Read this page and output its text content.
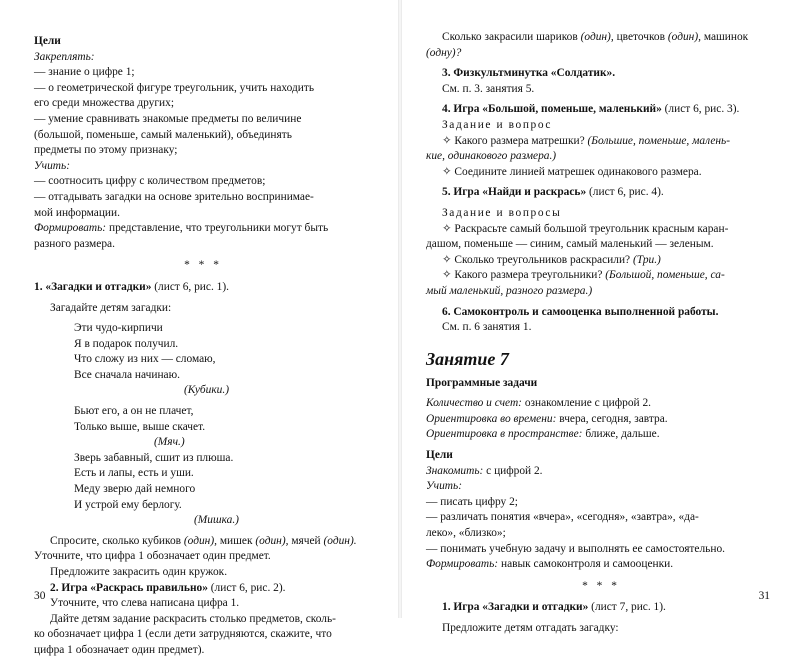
Цели

Закреплять:

— знание о цифре 1;

— о геометрической фигуре треугольник, учить находить

его среди множества других;

— умение сравнивать знакомые предметы по величине

(большой, поменьше, самый маленький), объединять

предметы по этому признаку;

Учить:

— соотносить цифру с количеством предметов;

— отгадывать загадки на основе зрительно воспринимае-

мой информации.

Формировать: представление, что треугольники могут быть

разного размера.

* * *

1. «Загадки и отгадки» (лист 6, рис. 1).

Загадайте детям загадки:

Эти чудо-кирпичи

Я в подарок получил.

Что сложу из них — сломаю,

Все сначала начинаю.

(Кубики.)

Бьют его, а он не плачет,

Только выше, выше скачет.

(Мяч.)

Зверь забавный, сшит из плюша.

Есть и лапы, есть и уши.

Меду зверю дай немного

И устрой ему берлогу.

(Мишка.)

Спросите, сколько кубиков (один), мишек (один), мячей (один). Уточните, что цифра 1 обозначает один предмет.

Предложите закрасить один кружок.

2. Игра «Раскрась правильно» (лист 6, рис. 2).

Уточните, что слева написана цифра 1.

Дайте детям задание раскрасить столько предметов, сколь-

ко обозначает цифра 1 (если дети затрудняются, скажите, что

цифра 1 обозначает один предмет).

30

Сколько закрасили шариков (один), цветочков (один), машинок (одну)?

3. Физкультминутка «Солдатик».

См. п. 3. занятия 5.

4. Игра «Большой, поменьше, маленький» (лист 6, рис. 3).

Задание и вопрос

✧ Какого размера матрешки? (Большие, поменьше, малень-

кие, одинакового размера.)

✧ Соедините линией матрешек одинакового размера.

5. Игра «Найди и раскрась» (лист 6, рис. 4).

Задание и вопросы

✧ Раскрасьте самый большой треугольник красным каран-

дашом, поменьше — синим, самый маленький — зеленым.

✧ Сколько треугольников раскрасили? (Три.)

✧ Какого размера треугольники? (Большой, поменьше, са-

мый маленький, разного размера.)

6. Самоконтроль и самооценка выполненной работы.

См. п. 6 занятия 1.

Занятие 7

Программные задачи

Количество и счет: ознакомление с цифрой 2.

Ориентировка во времени: вчера, сегодня, завтра.

Ориентировка в пространстве: ближе, дальше.

Цели

Знакомить: с цифрой 2.

Учить:

— писать цифру 2;

— различать понятия «вчера», «сегодня», «завтра», «да-

леко», «близко»;

— понимать учебную задачу и выполнять ее самостоятельно.

Формировать: навык самоконтроля и самооценки.

* * *

1. Игра «Загадки и отгадки» (лист 7, рис. 1).

Предложите детям отгадать загадку:

31
